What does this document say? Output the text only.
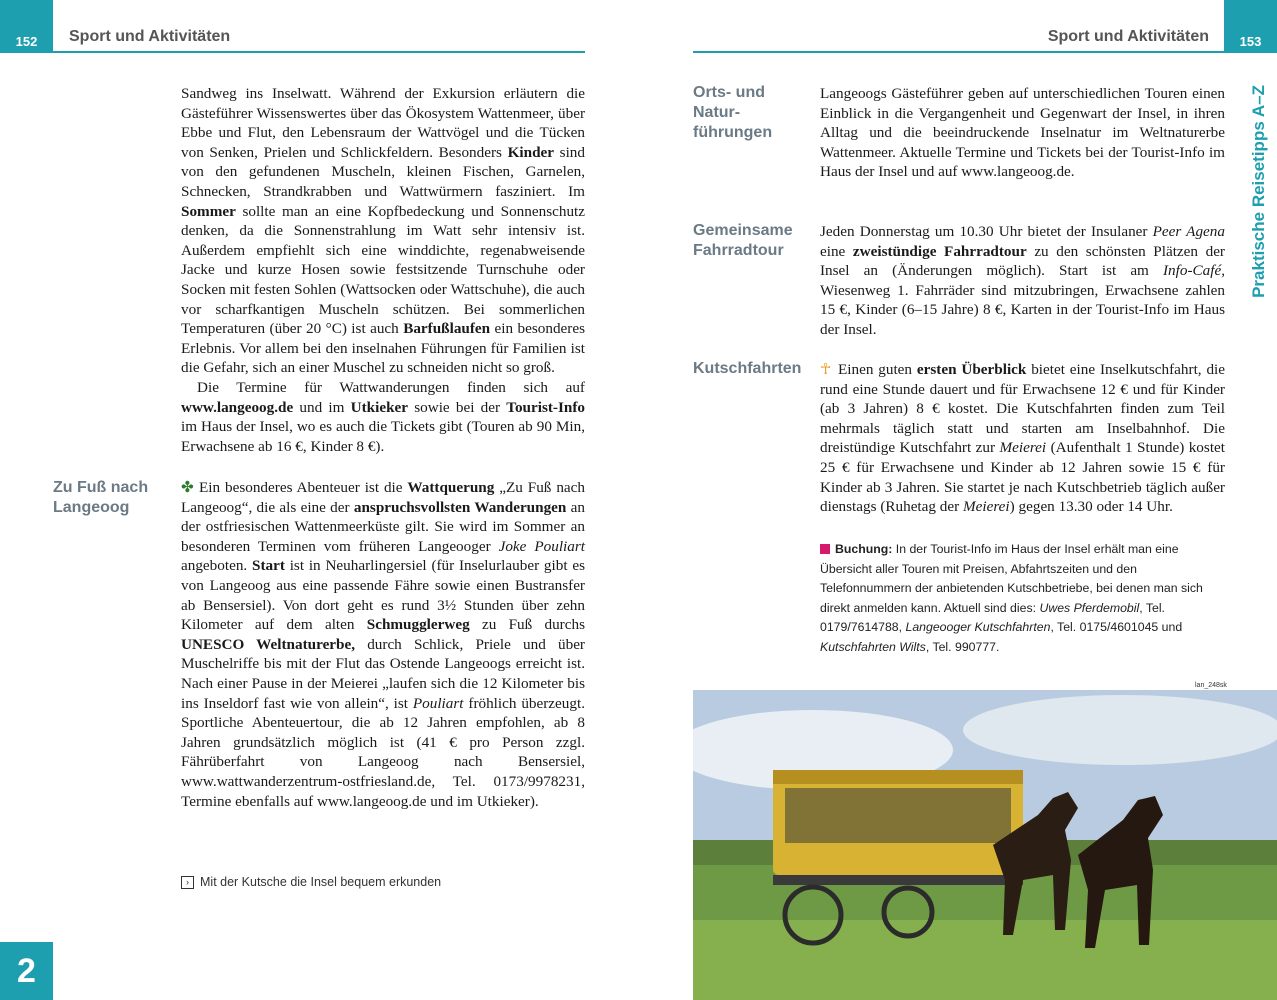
152	Sport und Aktivitäten

Sandweg ins Inselwatt. Während der Exkursion erläutern die Gästeführer Wissenswertes über das Ökosystem Wattenmeer, über Ebbe und Flut, den Lebensraum der Wattvögel und die Tücken von Senken, Prielen und Schlickfeldern. Besonders Kinder sind von den gefundenen Muscheln, kleinen Fischen, Garnelen, Schnecken, Strandkrabben und Wattwürmern fasziniert. Im Sommer sollte man an eine Kopfbedeckung und Sonnenschutz denken, da die Sonnenstrahlung im Watt sehr intensiv ist. Außerdem empfiehlt sich eine winddichte, regenabweisende Jacke und kurze Hosen sowie festsitzende Turnschuhe oder Socken mit festen Sohlen (Wattsocken oder Wattschuhe), die auch vor scharfkantigen Muscheln schützen. Bei sommerlichen Temperaturen (über 20 °C) ist auch Barfußlaufen ein besonderes Erlebnis. Vor allem bei den inselnahen Führungen für Familien ist die Gefahr, sich an einer Muschel zu schneiden nicht so groß.

Die Termine für Wattwanderungen finden sich auf www.langeoog.de und im Utkieker sowie bei der Tourist-Info im Haus der Insel, wo es auch die Tickets gibt (Touren ab 90 Min, Erwachsene ab 16 €, Kinder 8 €).

Zu Fuß nach Langeoog

✤ Ein besonderes Abenteuer ist die Wattquerung „Zu Fuß nach Langeoog“, die als eine der anspruchsvollsten Wanderungen an der ostfriesischen Wattenmeerküste gilt. Sie wird im Sommer an besonderen Terminen vom früheren Langeooger Joke Pouliart angeboten. Start ist in Neuharlingersiel (für Inselurlauber gibt es von Langeoog aus eine passende Fähre sowie einen Bustransfer ab Bensersiel). Von dort geht es rund 3½ Stunden über zehn Kilometer auf dem alten Schmugglerweg zu Fuß durchs UNESCO Weltnaturerbe, durch Schlick, Priele und über Muschelriffe bis mit der Flut das Ostende Langeoogs erreicht ist. Nach einer Pause in der Meierei „laufen sich die 12 Kilometer bis ins Inseldorf fast wie von allein“, ist Pouliart fröhlich überzeugt. Sportliche Abenteuertour, die ab 12 Jahren empfohlen, ab 8 Jahren grundsätzlich möglich ist (41 € pro Person zzgl. Fährüberfahrt von Langeoog nach Bensersiel, www.wattwanderzentrum-ostfriesland.de, Tel. 0173/9978231, Termine ebenfalls auf www.langeoog.de und im Utkieker).

› Mit der Kutsche die Insel bequem erkunden
2
Sport und Aktivitäten	153
Praktische Reisetipps A–Z
Orts- und Natur-führungen

Langeoogs Gästeführer geben auf unterschiedlichen Touren einen Einblick in die Vergangenheit und Gegenwart der Insel, in ihren Alltag und die beeindruckende Inselnatur im Weltnaturerbe Wattenmeer. Aktuelle Termine und Tickets bei der Tourist-Info im Haus der Insel und auf www.langeoog.de.

Gemeinsame Fahrradtour

Jeden Donnerstag um 10.30 Uhr bietet der Insulaner Peer Agena eine zweistündige Fahrradtour zu den schönsten Plätzen der Insel an (Änderungen möglich). Start ist am Info-Café, Wiesenweg 1. Fahrräder sind mitzubringen, Erwachsene zahlen 15 €, Kinder (6–15 Jahre) 8 €, Karten in der Tourist-Info im Haus der Insel.

Kutschfahrten ☥ Einen guten ersten Überblick bietet eine Inselkutschfahrt, die rund eine Stunde dauert und für Erwachsene 12 € und für Kinder (ab 3 Jahren) 8 € kostet. Die Kutschfahrten finden zum Teil mehrmals täglich statt und starten am Inselbahnhof. Die dreistündige Kutschfahrt zur Meierei (Aufenthalt 1 Stunde) kostet 25 € für Erwachsene und Kinder ab 12 Jahren sowie 15 € für Kinder ab 3 Jahren. Sie startet je nach Kutschbetrieb täglich außer dienstags (Ruhetag der Meierei) gegen 13.30 oder 14 Uhr.

Buchung: In der Tourist-Info im Haus der Insel erhält man eine Übersicht aller Touren mit Preisen, Abfahrtszeiten und den Telefonnummern der anbietenden Kutschbetriebe, bei denen man sich direkt anmelden kann. Aktuell sind dies: Uwes Pferdemobil, Tel. 0179/7614788, Langeooger Kutschfahrten, Tel. 0175/4601045 und Kutschfahrten Wilts, Tel. 990777.
lan_248sk
